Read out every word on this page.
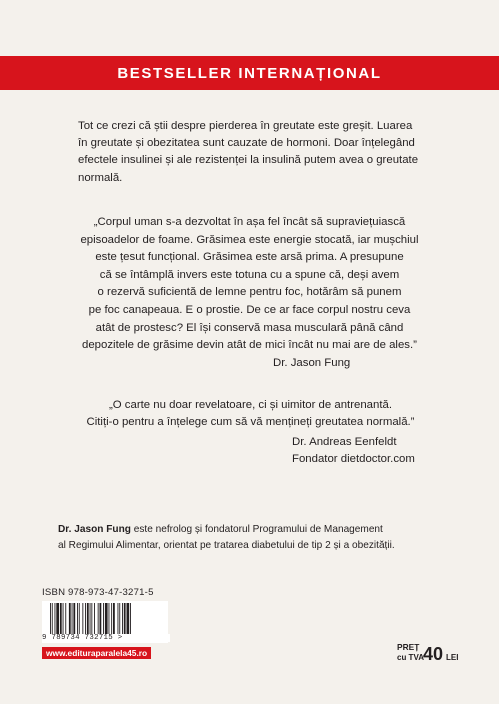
BESTSELLER INTERNAȚIONAL
Tot ce crezi că știi despre pierderea în greutate este greșit. Luarea
în greutate și obezitatea sunt cauzate de hormoni. Doar înțelegând
efectele insulinei și ale rezistenței la insulină putem avea o greutate
normală.
„Corpul uman s-a dezvoltat în așa fel încât să supraviețuiască
episoadelor de foame. Grăsimea este energie stocată, iar mușchiul
este țesut funcțional. Grăsimea este arsă prima. A presupune
că se întâmplă invers este totuna cu a spune că, deși avem
o rezervă suficientă de lemne pentru foc, hotărâm să punem
pe foc canapeaua. E o prostie. De ce ar face corpul nostru ceva
atât de prostesc? El își conservă masa musculară până când
depozitele de grăsime devin atât de mici încât nu mai are de ales.”
Dr. Jason Fung
„O carte nu doar revelatoare, ci și uimitor de antrenantă.
Citiți-o pentru a înțelege cum să vă mențineți greutatea normală.”
Dr. Andreas Eenfeldt
Fondator dietdoctor.com
Dr. Jason Fung este nefrolog și fondatorul Programului de Management
al Regimului Alimentar, orientat pe tratarea diabetului de tip 2 și a obezității.
ISBN 978-973-47-3271-5
9 789734 732715 >
www.edituraparalela45.ro
PREȚ
cu TVA 40 LEI
